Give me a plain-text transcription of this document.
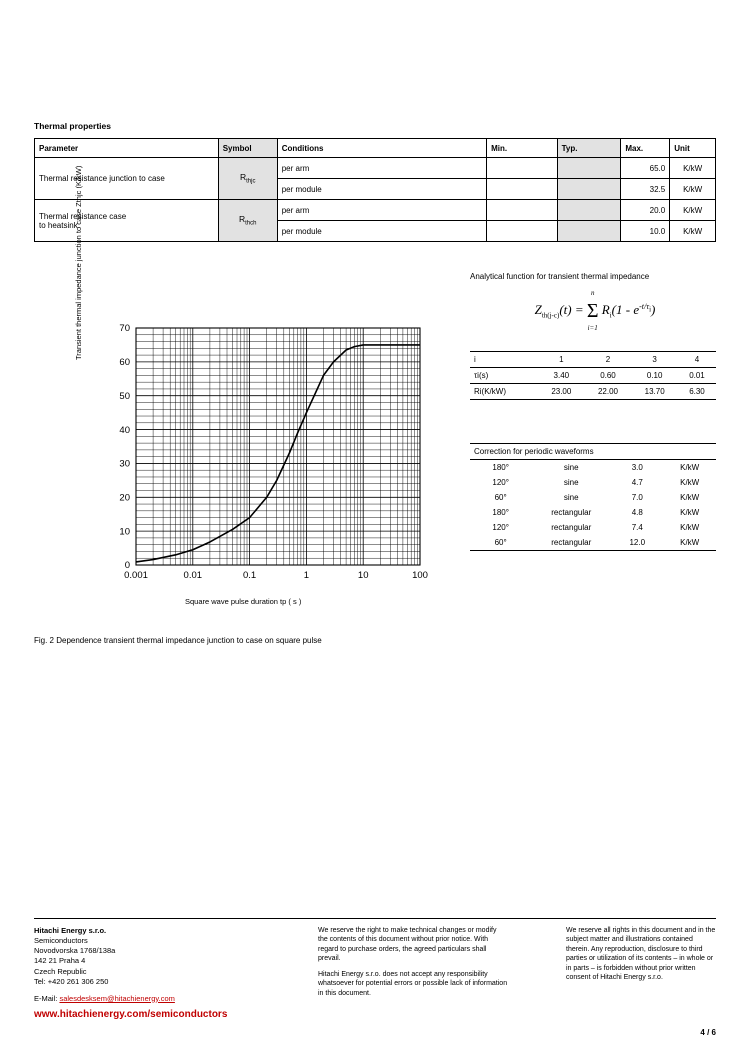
Thermal properties
Parameter	Symbol	Conditions	Min.	Typ.	Max.	Unit
Thermal resistance junction to case	$R_{thjc}$	per arm			65.0	K/kW
		per module			32.5	K/kW
Thermal resistance case
to heatsink	$R_{thch}$	per arm			20.0	K/kW
		per module			10.0	K/kW
Analytical function for transient thermal impedance
$Z_{th(j-c)}(t) = \Sigma$
n
i=1
$R_i(1 - e^{-t/\tau_i})$
i	1	2	3	4
τi(s)	3.40	0.60	0.10	0.01
Ri(K/kW)	23.00	22.00	13.70	6.30
Correction for periodic waveforms			
180°	sine	3.0	K/kW
120°	sine	4.7	K/kW
60°	sine	7.0	K/kW
180°	rectangular	4.8	K/kW
120°	rectangular	7.4	K/kW
60°	rectangular	12.0	K/kW
Transient thermal impedance junction to case Zthjc (K/kW)
0
10
20
30
40
50
60
70
0.001	0.01	0.1	1	10	100
Square wave pulse duration tp ( s )
Fig. 2 Dependence transient thermal impedance junction to case on square pulse
Hitachi Energy s.r.o.
Semiconductors
Novodvorska 1768/138a
142 21 Praha 4
Czech Republic
Tel: +420 261 306 250
E-Mail: salesdesksem@hitachienergy.com
www.hitachienergy.com/semiconductors

We reserve the right to make technical changes or modify the contents of this document without prior notice. With regard to purchase orders, the agreed particulars shall prevail.

Hitachi Energy s.r.o. does not accept any responsibility whatsoever for potential errors or possible lack of information in this document.

We reserve all rights in this document and in the subject matter and illustrations contained therein. Any reproduction, disclosure to third parties or utilization of its contents – in whole or in parts – is forbidden without prior written consent of Hitachi Energy s.r.o.

4 / 6
